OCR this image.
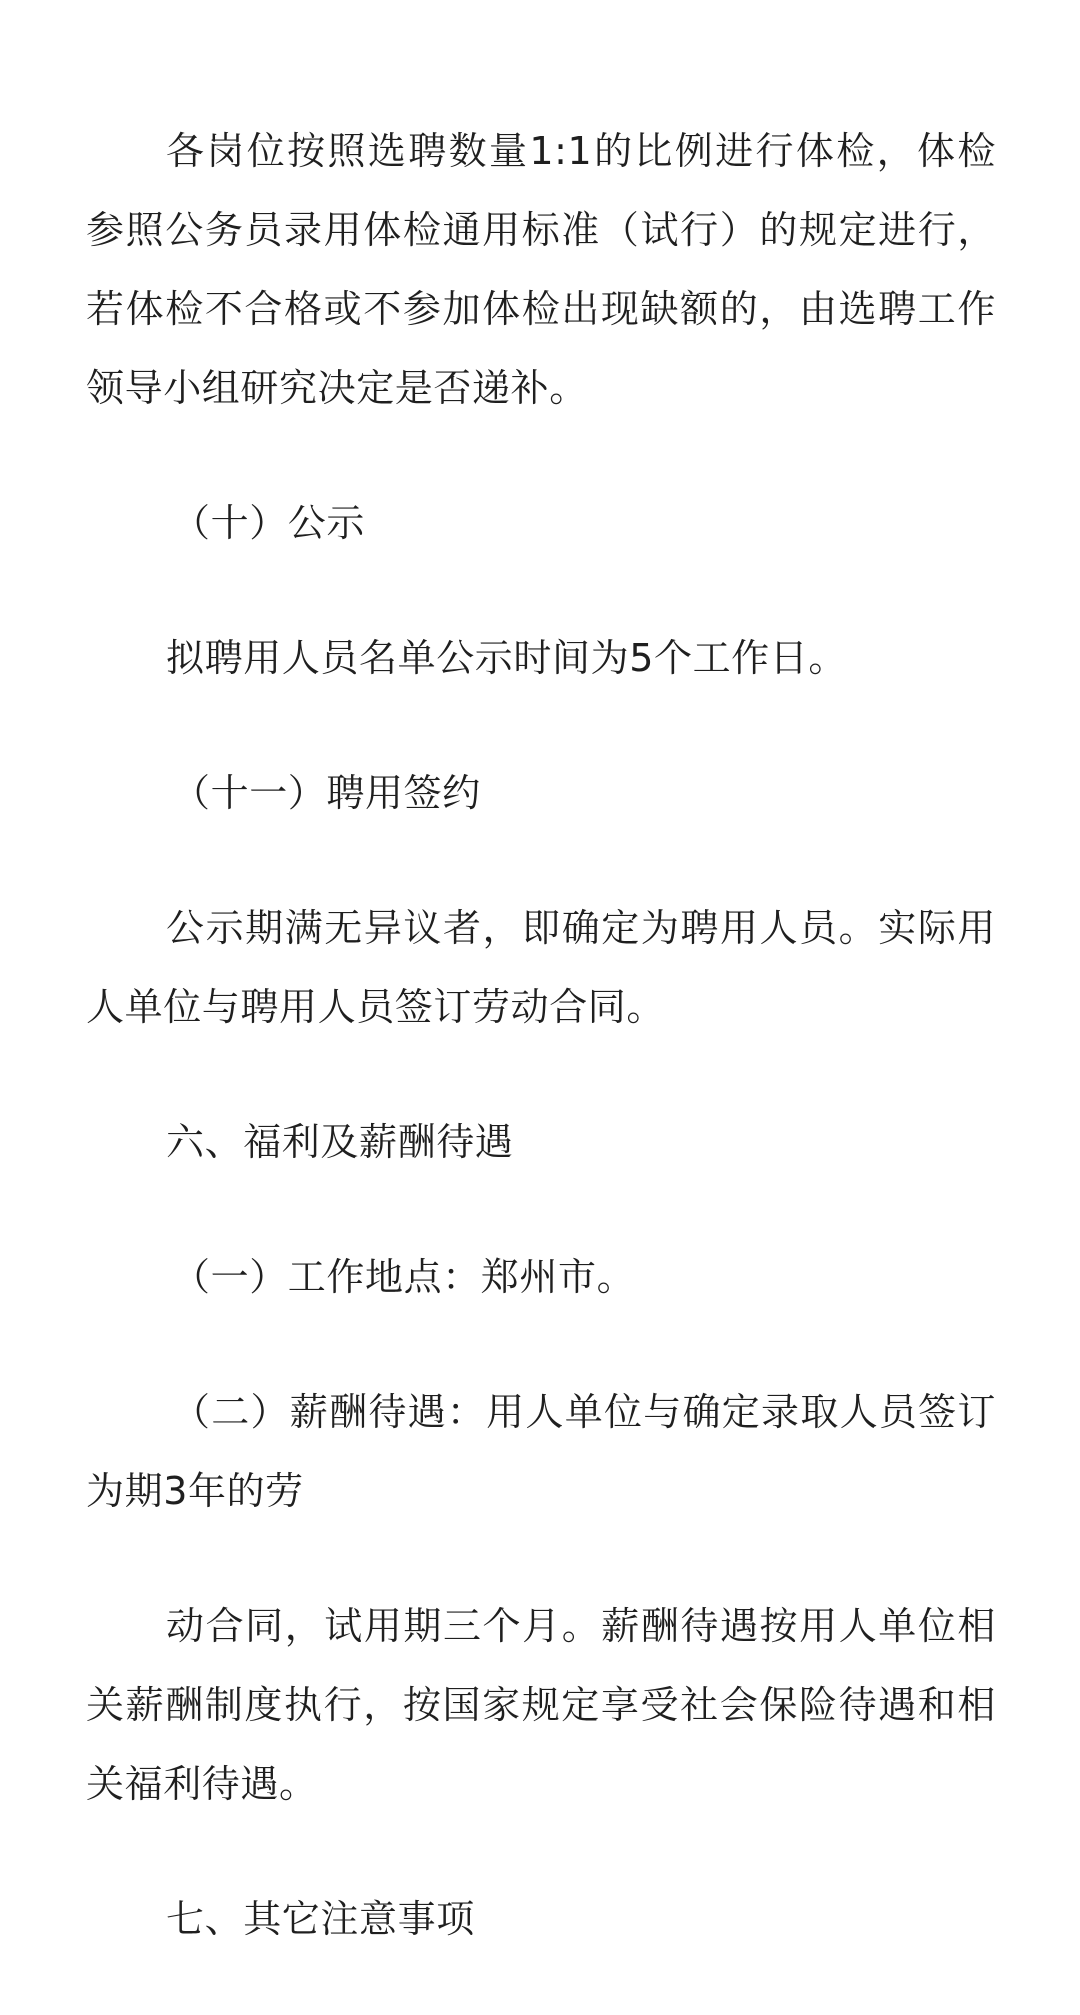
各岗位按照选聘数量1:1的比例进行体检，体检参照公务员录用体检通用标准（试行）的规定进行，若体检不合格或不参加体检出现缺额的，由选聘工作领导小组研究决定是否递补。

（十）公示

拟聘用人员名单公示时间为5个工作日。

（十一）聘用签约

公示期满无异议者，即确定为聘用人员。实际用人单位与聘用人员签订劳动合同。

六、福利及薪酬待遇

（一）工作地点：郑州市。

（二）薪酬待遇：用人单位与确定录取人员签订为期3年的劳

动合同，试用期三个月。薪酬待遇按用人单位相关薪酬制度执行，按国家规定享受社会保险待遇和相关福利待遇。

七、其它注意事项
